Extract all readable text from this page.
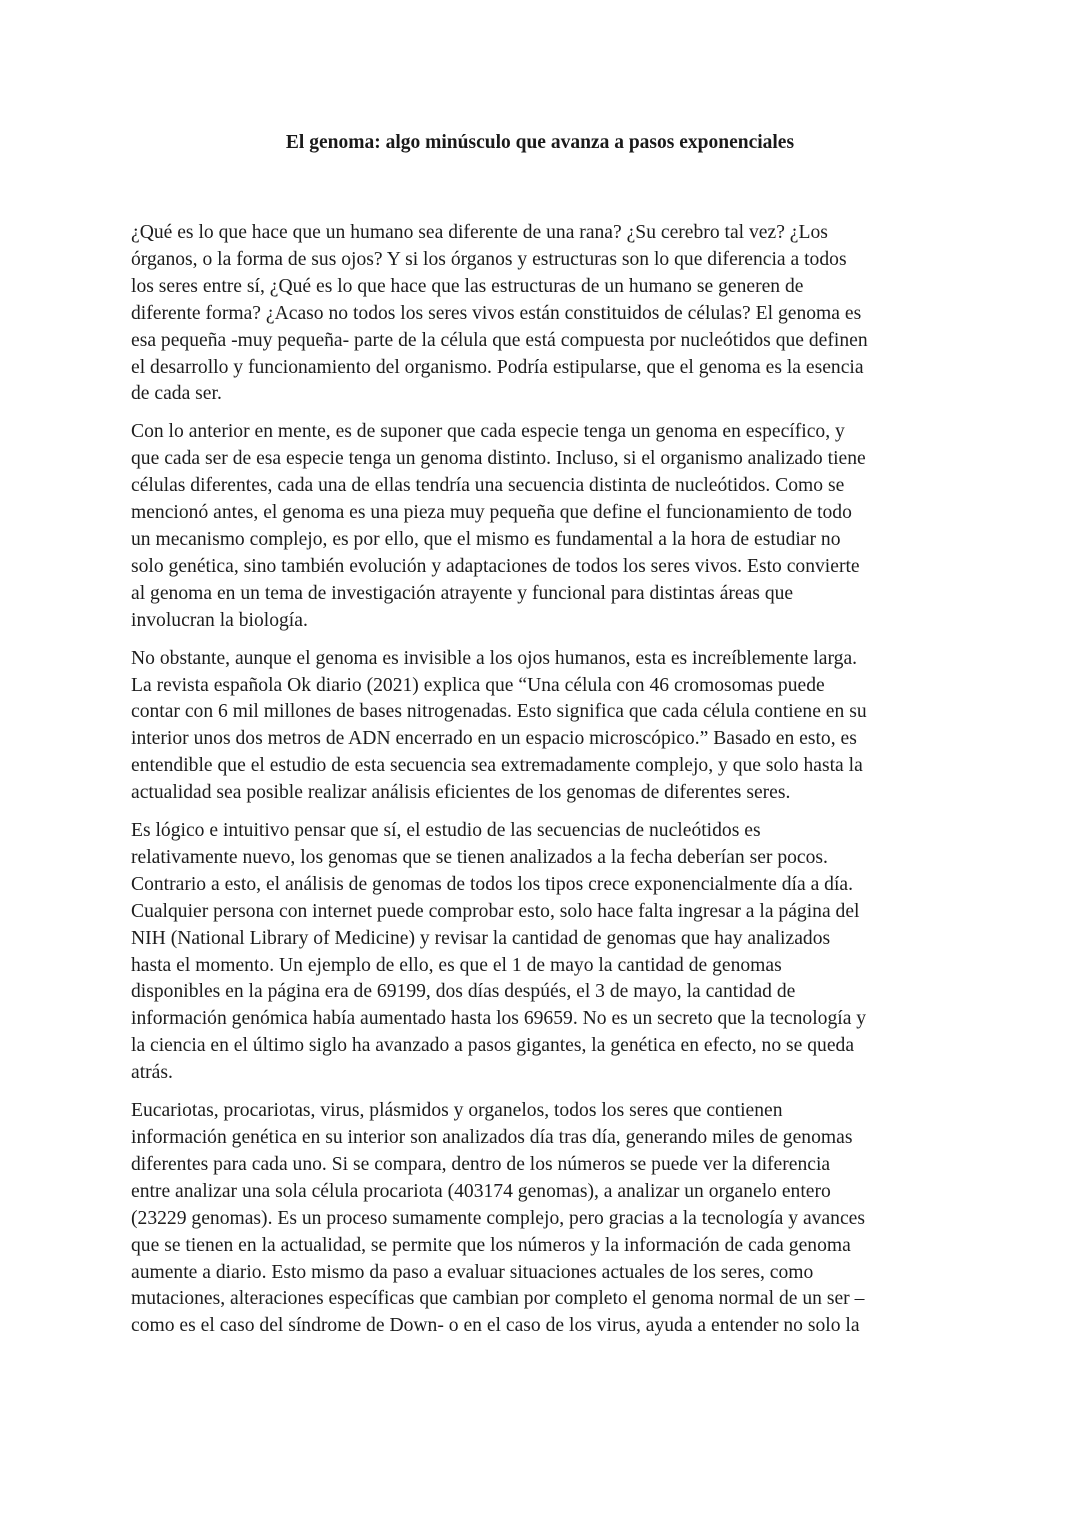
El genoma: algo minúsculo que avanza a pasos exponenciales

¿Qué es lo que hace que un humano sea diferente de una rana? ¿Su cerebro tal vez? ¿Los
órganos, o la forma de sus ojos? Y si los órganos y estructuras son lo que diferencia a todos
los seres entre sí, ¿Qué es lo que hace que las estructuras de un humano se generen de
diferente forma? ¿Acaso no todos los seres vivos están constituidos de células? El genoma es
esa pequeña -muy pequeña- parte de la célula que está compuesta por nucleótidos que definen
el desarrollo y funcionamiento del organismo. Podría estipularse, que el genoma es la esencia
de cada ser.

Con lo anterior en mente, es de suponer que cada especie tenga un genoma en específico, y
que cada ser de esa especie tenga un genoma distinto. Incluso, si el organismo analizado tiene
células diferentes, cada una de ellas tendría una secuencia distinta de nucleótidos. Como se
mencionó antes, el genoma es una pieza muy pequeña que define el funcionamiento de todo
un mecanismo complejo, es por ello, que el mismo es fundamental a la hora de estudiar no
solo genética, sino también evolución y adaptaciones de todos los seres vivos. Esto convierte
al genoma en un tema de investigación atrayente y funcional para distintas áreas que
involucran la biología.

No obstante, aunque el genoma es invisible a los ojos humanos, esta es increíblemente larga.
La revista española Ok diario (2021) explica que “Una célula con 46 cromosomas puede
contar con 6 mil millones de bases nitrogenadas. Esto significa que cada célula contiene en su
interior unos dos metros de ADN encerrado en un espacio microscópico.” Basado en esto, es
entendible que el estudio de esta secuencia sea extremadamente complejo, y que solo hasta la
actualidad sea posible realizar análisis eficientes de los genomas de diferentes seres.

Es lógico e intuitivo pensar que sí, el estudio de las secuencias de nucleótidos es
relativamente nuevo, los genomas que se tienen analizados a la fecha deberían ser pocos.
Contrario a esto, el análisis de genomas de todos los tipos crece exponencialmente día a día.
Cualquier persona con internet puede comprobar esto, solo hace falta ingresar a la página del
NIH (National Library of Medicine) y revisar la cantidad de genomas que hay analizados
hasta el momento. Un ejemplo de ello, es que el 1 de mayo la cantidad de genomas
disponibles en la página era de 69199, dos días despúés, el 3 de mayo, la cantidad de
información genómica había aumentado hasta los 69659. No es un secreto que la tecnología y
la ciencia en el último siglo ha avanzado a pasos gigantes, la genética en efecto, no se queda
atrás.

Eucariotas, procariotas, virus, plásmidos y organelos, todos los seres que contienen
información genética en su interior son analizados día tras día, generando miles de genomas
diferentes para cada uno. Si se compara, dentro de los números se puede ver la diferencia
entre analizar una sola célula procariota (403174 genomas), a analizar un organelo entero
(23229 genomas). Es un proceso sumamente complejo, pero gracias a la tecnología y avances
que se tienen en la actualidad, se permite que los números y la información de cada genoma
aumente a diario. Esto mismo da paso a evaluar situaciones actuales de los seres, como
mutaciones, alteraciones específicas que cambian por completo el genoma normal de un ser –
como es el caso del síndrome de Down- o en el caso de los virus, ayuda a entender no solo la
